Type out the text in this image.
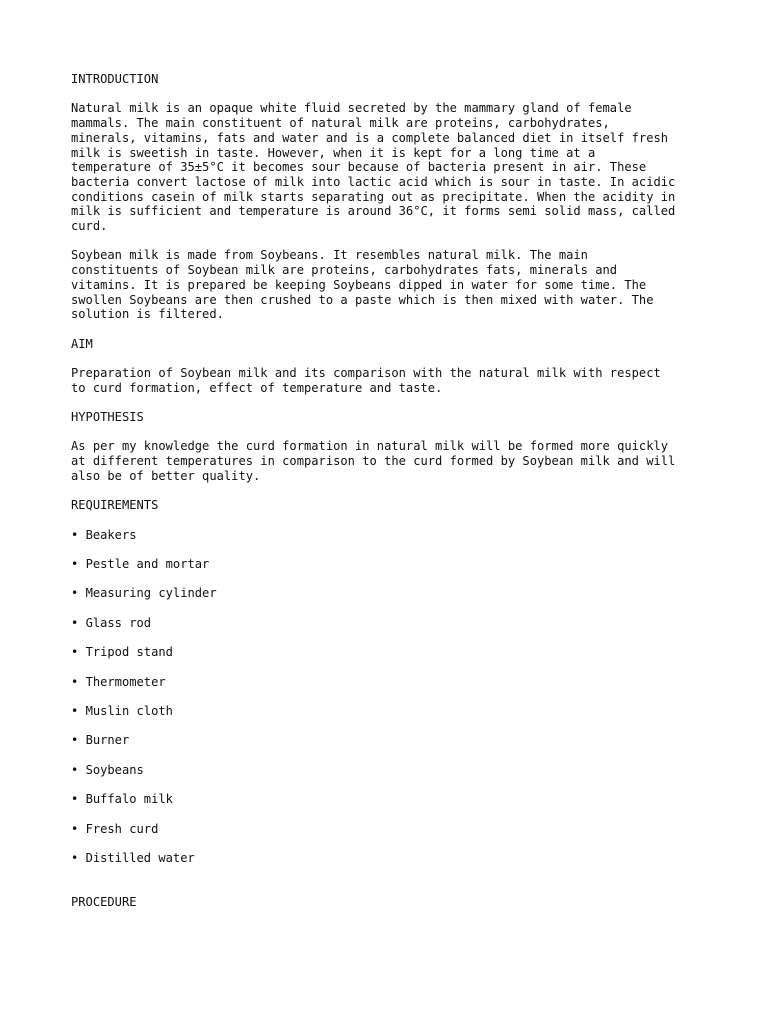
INTRODUCTION
Natural milk is an opaque white fluid secreted by the mammary gland of female
mammals. The main constituent of natural milk are proteins, carbohydrates,
minerals, vitamins, fats and water and is a complete balanced diet in itself fresh
milk is sweetish in taste. However, when it is kept for a long time at a
temperature of 35±5°C it becomes sour because of bacteria present in air. These
bacteria convert lactose of milk into lactic acid which is sour in taste. In acidic
conditions casein of milk starts separating out as precipitate. When the acidity in
milk is sufficient and temperature is around 36°C, it forms semi solid mass, called
curd.
Soybean milk is made from Soybeans. It resembles natural milk. The main
constituents of Soybean milk are proteins, carbohydrates fats, minerals and
vitamins. It is prepared be keeping Soybeans dipped in water for some time. The
swollen Soybeans are then crushed to a paste which is then mixed with water. The
solution is filtered.
AIM
Preparation of Soybean milk and its comparison with the natural milk with respect
to curd formation, effect of temperature and taste.
HYPOTHESIS
As per my knowledge the curd formation in natural milk will be formed more quickly
at different temperatures in comparison to the curd formed by Soybean milk and will
also be of better quality.
REQUIREMENTS
• Beakers
• Pestle and mortar
• Measuring cylinder
• Glass rod
• Tripod stand
• Thermometer
• Muslin cloth
• Burner
• Soybeans
• Buffalo milk
• Fresh curd
• Distilled water
PROCEDURE
